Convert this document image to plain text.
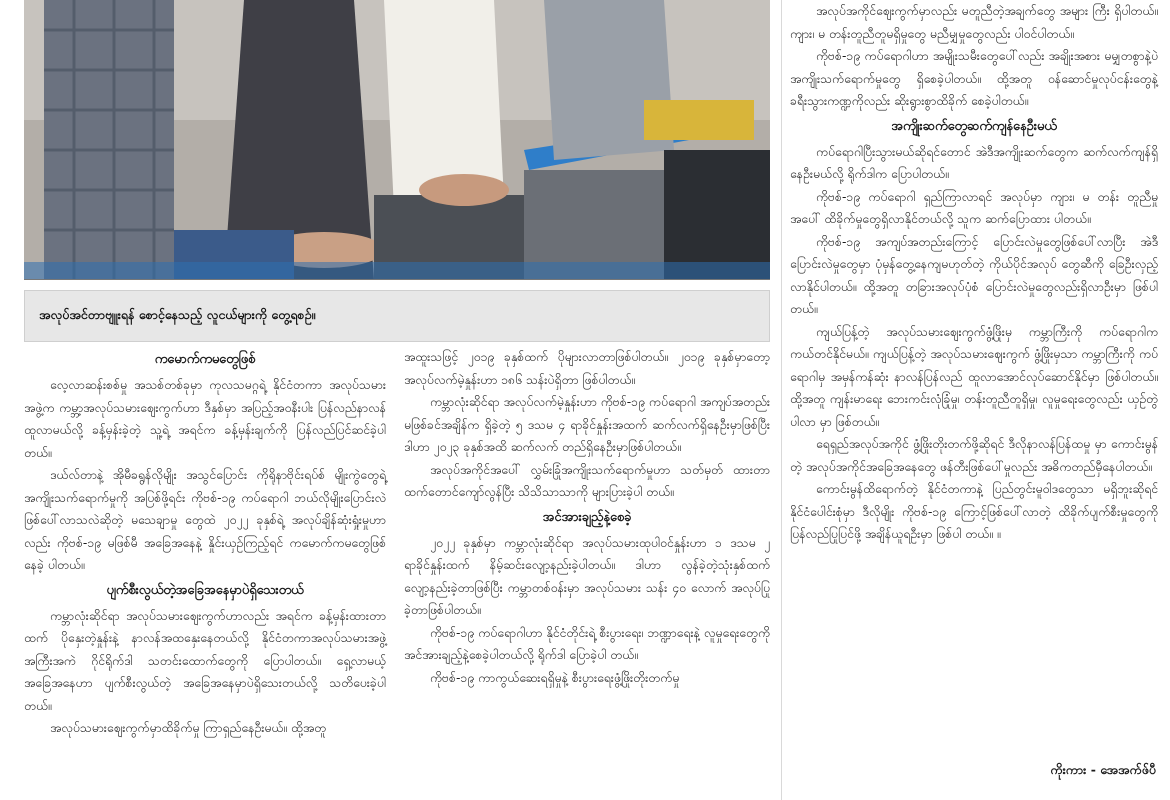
အလုပ်အင်တာဗျူးရန် စောင့်နေသည့် လူငယ်များကို တွေ့ရစဉ်။
ကမောက်ကမတွေဖြစ်

လေ့လာဆန်းစစ်မှု အသစ်တစ်ခုမှာ ကုလသမဂ္ဂရဲ့ နိုင်ငံတကာ အလုပ်သမားအဖွဲ့က ကမ္ဘာ့အလုပ်သမားဈေးကွက်ဟာ ဒီနှစ်မှာ အပြည့်အဝနီးပါး ပြန်လည်နာလန်ထူလာမယ်လို့ ခန့်မှန်းခဲ့တဲ့ သူ့ရဲ့ အရင်က ခန့်မှန်းချက်ကို ပြန်လည်ပြင်ဆင်ခဲ့ပါတယ်။

ဒယ်လ်တာနဲ့ အိုမီခရွန်လိုမျိုး အသွင်ပြောင်း ကိုရိုနာဗိုင်းရပ်စ် မျိုးကွဲတွေရဲ့ အကျိုးသက်ရောက်မှုကို အပြစ်ဖို့ရင်း ကိုဗစ်-၁၉ ကပ်ရောဂါ ဘယ်လိုမျိုးပြောင်းလဲဖြစ်ပေါ်လာသလဲဆိုတဲ့ မသေချာမှု တွေထဲ ၂၀၂၂ ခုနှစ်ရဲ့ အလုပ်ချိန်ဆုံးရှုံးမှုဟာလည်း ကိုဗစ်-၁၉ မဖြစ်မီ အခြေအနေနဲ့ နှိုင်းယှဉ်ကြည့်ရင် ကမောက်ကမတွေဖြစ်နေခဲ့ ပါတယ်။

ပျက်စီးလွယ်တဲ့အခြေအနေမှာပဲရှိသေးတယ်

ကမ္ဘာလုံးဆိုင်ရာ အလုပ်သမားဈေးကွက်ဟာလည်း အရင်က ခန့်မှန်းထားတာထက် ပိုနှေးတဲ့နှုန်းနဲ့ နာလန်အထနှေးနေတယ်လို့ နိုင်ငံတကာအလုပ်သမားအဖွဲ့ အကြီးအကဲ ဂိုင်ရိုက်ဒါ သတင်းထောက်တွေကို ပြောပါတယ်။ ရှေ့လာမယ့် အခြေအနေဟာ ပျက်စီးလွယ်တဲ့ အခြေအနေမှာပဲရှိသေးတယ်လို့ သတိပေးခဲ့ပါတယ်။

အလုပ်သမားဈေးကွက်မှာထိခိုက်မှု ကြာရှည်နေဦးမယ်။ ထို့အတူ

အထူးသဖြင့် ၂၀၁၉ ခုနှစ်ထက် ပိုများလာတာဖြစ်ပါတယ်။ ၂၀၁၉ ခုနှစ်မှာတော့ အလုပ်လက်မဲ့နှုန်းဟာ ၁၈၆ သန်းပဲရှိတာ ဖြစ်ပါတယ်။

ကမ္ဘာလုံးဆိုင်ရာ အလုပ်လက်မဲ့နှုန်းဟာ ကိုဗစ်-၁၉ ကပ်ရောဂါ အကျပ်အတည်းမဖြစ်ခင်အချိန်က ရှိခဲ့တဲ့ ၅ ဒသမ ၄ ရာခိုင်နှုန်းအထက် ဆက်လက်ရှိနေဦးမှာဖြစ်ပြီး ဒါဟာ ၂၀၂၃ ခုနှစ်အထိ ဆက်လက် တည်ရှိနေဦးမှာဖြစ်ပါတယ်။

အလုပ်အကိုင်အပေါ် လွှမ်းခြုံအကျိုးသက်ရောက်မှုဟာ သတ်မှတ် ထားတာထက်တောင်ကျော်လွန်ပြီး သိသိသာသာကို များပြားခဲ့ပါ တယ်။

အင်အားချည့်နဲ့စေခဲ့

၂၀၂၂ ခုနှစ်မှာ ကမ္ဘာလုံးဆိုင်ရာ အလုပ်သမားထုပါဝင်နှုန်းဟာ ၁ ဒသမ ၂ ရာခိုင်နှုန်းထက် နိမ့်ဆင်းလျော့နည်းခဲ့ပါတယ်။ ဒါဟာ လွန်ခဲ့တဲ့သုံးနှစ်ထက် လျော့နည်းခဲ့တာဖြစ်ပြီး ကမ္ဘာတစ်ဝန်းမှာ အလုပ်သမား သန်း ၄၀ လောက် အလုပ်ပြုခဲ့တာဖြစ်ပါတယ်။

ကိုဗစ်-၁၉ ကပ်ရောဂါဟာ နိုင်ငံတိုင်းရဲ့ စီးပွားရေး၊ ဘဏ္ဍာရေးနဲ့ လူမှုရေးတွေကို အင်အားချည့်နဲ့စေခဲ့ပါတယ်လို့ ရိုက်ဒါ ပြောခဲ့ပါ တယ်။

ကိုဗစ်-၁၉ ကာကွယ်ဆေးရရှိမှုနဲ့ စီးပွားရေးဖွံ့ဖြိုးတိုးတက်မှု

အလုပ်အကိုင်ဈေးကွက်မှာလည်း မတူညီတဲ့အချက်တွေ အများ ကြီး ရှိပါတယ်။ ကျား၊ မ တန်းတူညီတူမရှိမှုတွေ မညီမျှမှုတွေလည်း ပါဝင်ပါတယ်။

ကိုဗစ်-၁၉ ကပ်ရောဂါဟာ အမျိုးသမီးတွေပေါ်လည်း အချိုးအစား မမျှတစွာနဲ့ပဲ အကျိုးသက်ရောက်မှုတွေ ရှိစေခဲ့ပါတယ်။ ထို့အတူ ဝန်ဆောင်မှုလုပ်ငန်းတွေနဲ့ ခရီးသွားကဏ္ဍကိုလည်း ဆိုးရွားစွာထိခိုက် စေခဲ့ပါတယ်။

အကျိုးဆက်တွေဆက်ကျန်နေဦးမယ်

ကပ်ရောဂါပြီးသွားမယ်ဆိုရင်တောင် အဲဒီအကျိုးဆက်တွေက ဆက်လက်ကျန်ရှိနေဦးမယ်လို့ ရိုက်ဒါက ပြောပါတယ်။

ကိုဗစ်-၁၉ ကပ်ရောဂါ ရှည်ကြာလာရင် အလုပ်မှာ ကျား၊ မ တန်း တူညီမှုအပေါ် ထိခိုက်မှုတွေရှိလာနိုင်တယ်လို့ သူက ဆက်ပြောထား ပါတယ်။

ကိုဗစ်-၁၉ အကျပ်အတည်းကြောင့် ပြောင်းလဲမှုတွေဖြစ်ပေါ်လာပြီး အဲဒီပြောင်းလဲမှုတွေမှာ ပုံမှန်တွေ့နေကျမဟုတ်တဲ့ ကိုယ်ပိုင်အလုပ် တွေဆီကို ခြေဦးလှည့်လာနိုင်ပါတယ်။ ထို့အတူ တခြားအလုပ်ပုံစံ ပြောင်းလဲမှုတွေလည်းရှိလာဦးမှာ ဖြစ်ပါတယ်။

ကျယ်ပြန့်တဲ့ အလုပ်သမားဈေးကွက်ဖွံ့ဖြိုးမှ ကမ္ဘာကြီးကို ကပ်ရောဂါက ကယ်တင်နိုင်မယ်။ ကျယ်ပြန့်တဲ့ အလုပ်သမားဈေးကွက် ဖွံ့ဖြိုးမှသာ ကမ္ဘာကြီးကို ကပ်ရောဂါမှ အမှန်ကန်ဆုံး နာလန်ပြန်လည် ထူလာအောင်လုပ်ဆောင်နိုင်မှာ ဖြစ်ပါတယ်။ ထို့အတူ ကျန်းမာရေး ဘေးကင်းလုံခြုံမှု၊ တန်းတူညီတူရှိမှု၊ လူမှုရေးတွေလည်း ယှဉ်တွဲပါလာ မှာ ဖြစ်တယ်။

ရေရှည်အလုပ်အကိုင် ဖွံ့ဖြိုးတိုးတက်ဖို့ဆိုရင် ဒီလိုနာလန်ပြန်ထမှု မှာ ကောင်းမွန်တဲ့ အလုပ်အကိုင်အခြေအနေတွေ ဖန်တီးဖြစ်ပေါ်မှုလည်း အဓိကတည်မှီနေပါတယ်။

ကောင်းမွန်ထိရောက်တဲ့ နိုင်ငံတကာနဲ့ ပြည်တွင်းမူဝါဒတွေသာ မရှိဘူးဆိုရင် နိုင်ငံပေါင်းစုံမှာ ဒီလိုမျိုး ကိုဗစ်-၁၉ ကြောင့်ဖြစ်ပေါ်လာတဲ့ ထိခိုက်ပျက်စီးမှုတွေကို ပြန်လည်ပြုပြင်ဖို့ အချိန်ယူရဦးမှာ ဖြစ်ပါ တယ်။ ။

ကိုးကား - အေအက်ဖ်ပီ
